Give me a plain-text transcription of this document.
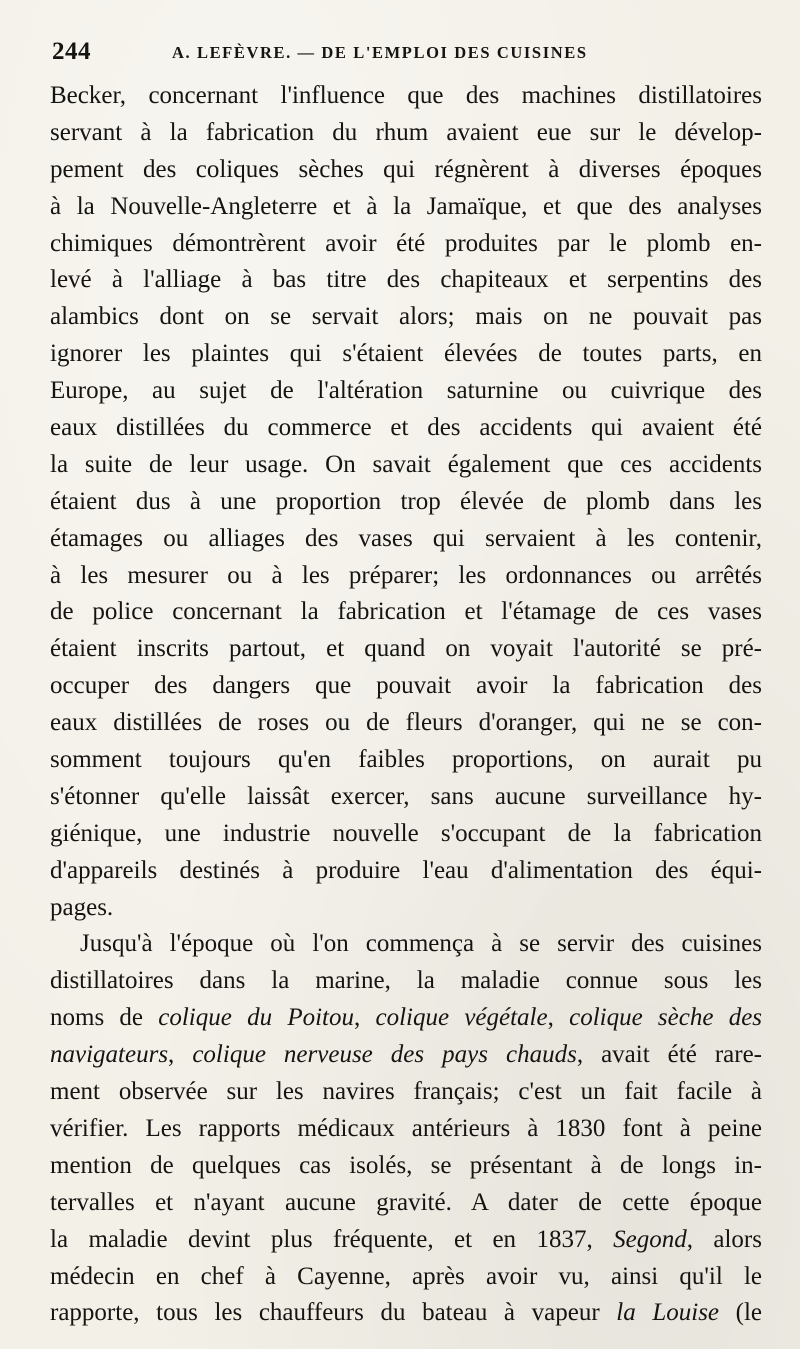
244	A. LEFÈVRE. — DE L'EMPLOI DES CUISINES
Becker, concernant l'influence que des machines distillatoires
servant à la fabrication du rhum avaient eue sur le dévelop-
pement des coliques sèches qui régnèrent à diverses époques
à la Nouvelle-Angleterre et à la Jamaïque, et que des analyses
chimiques démontrèrent avoir été produites par le plomb en-
levé à l'alliage à bas titre des chapiteaux et serpentins des
alambics dont on se servait alors; mais on ne pouvait pas
ignorer les plaintes qui s'étaient élevées de toutes parts, en
Europe, au sujet de l'altération saturnine ou cuivrique des
eaux distillées du commerce et des accidents qui avaient été
la suite de leur usage. On savait également que ces accidents
étaient dus à une proportion trop élevée de plomb dans les
étamages ou alliages des vases qui servaient à les contenir,
à les mesurer ou à les préparer; les ordonnances ou arrêtés
de police concernant la fabrication et l'étamage de ces vases
étaient inscrits partout, et quand on voyait l'autorité se pré-
occuper des dangers que pouvait avoir la fabrication des
eaux distillées de roses ou de fleurs d'oranger, qui ne se con-
somment toujours qu'en faibles proportions, on aurait pu
s'étonner qu'elle laissât exercer, sans aucune surveillance hy-
giénique, une industrie nouvelle s'occupant de la fabrication
d'appareils destinés à produire l'eau d'alimentation des équi-
pages.
Jusqu'à l'époque où l'on commença à se servir des cuisines
distillatoires dans la marine, la maladie connue sous les
noms de colique du Poitou, colique végétale, colique sèche des
navigateurs, colique nerveuse des pays chauds, avait été rare-
ment observée sur les navires français; c'est un fait facile à
vérifier. Les rapports médicaux antérieurs à 1830 font à peine
mention de quelques cas isolés, se présentant à de longs in-
tervalles et n'ayant aucune gravité. A dater de cette époque
la maladie devint plus fréquente, et en 1837, Segond, alors
médecin en chef à Cayenne, après avoir vu, ainsi qu'il le
rapporte, tous les chauffeurs du bateau à vapeur la Louise (le
